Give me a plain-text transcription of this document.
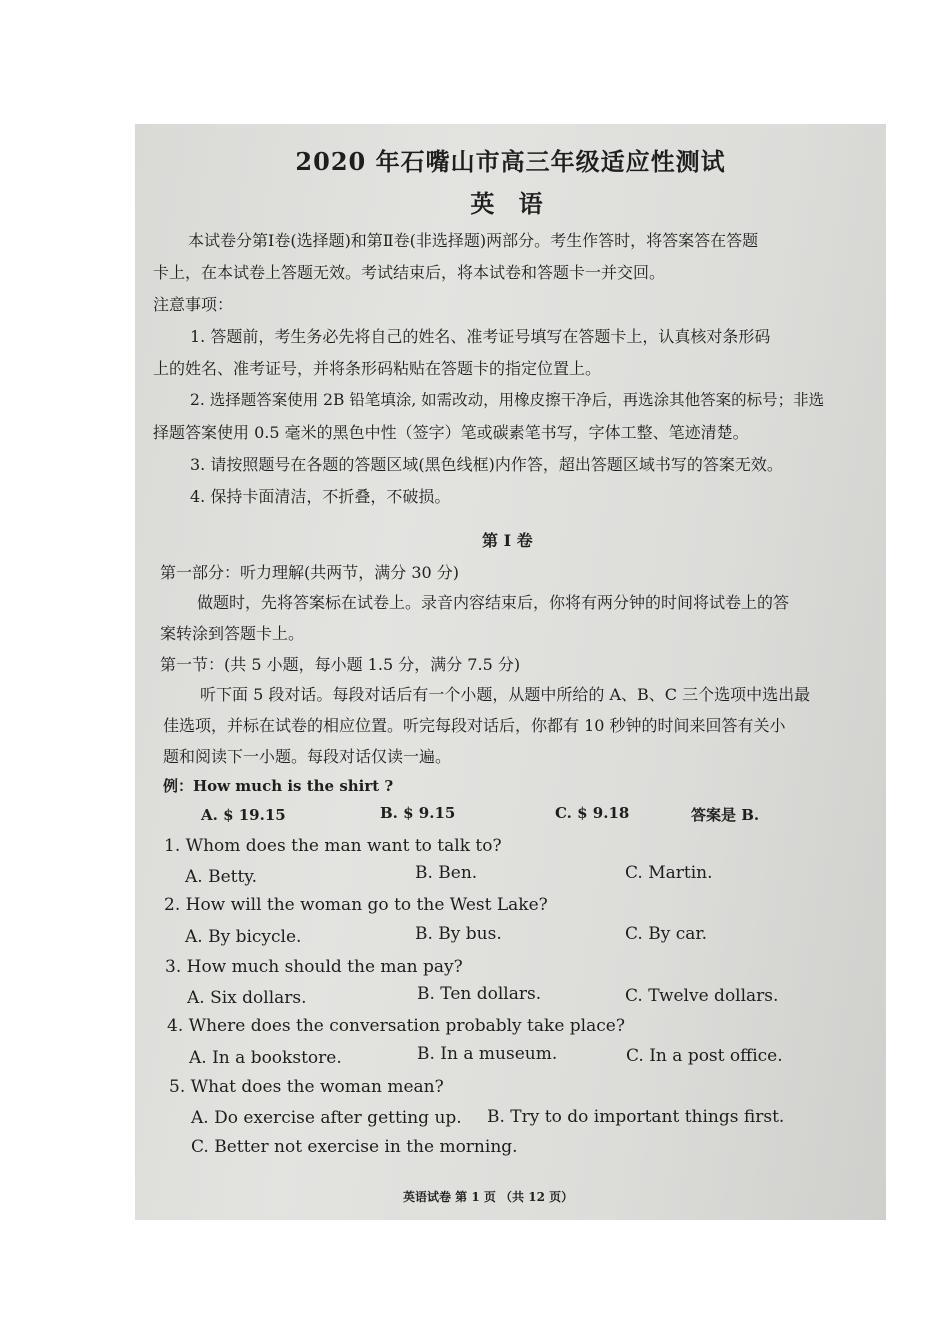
2020 年石嘴山市高三年级适应性测试
英 语
本试卷分第Ⅰ卷(选择题)和第Ⅱ卷(非选择题)两部分。考生作答时，将答案答在答题
卡上，在本试卷上答题无效。考试结束后，将本试卷和答题卡一并交回。
注意事项：
1. 答题前，考生务必先将自己的姓名、准考证号填写在答题卡上，认真核对条形码
上的姓名、准考证号，并将条形码粘贴在答题卡的指定位置上。
2. 选择题答案使用 2B 铅笔填涂, 如需改动，用橡皮擦干净后，再选涂其他答案的标号；非选
择题答案使用 0.5 毫米的黑色中性（签字）笔或碳素笔书写，字体工整、笔迹清楚。
3. 请按照题号在各题的答题区域(黑色线框)内作答，超出答题区域书写的答案无效。
4. 保持卡面清洁，不折叠，不破损。
第 I 卷
第一部分：听力理解(共两节，满分 30 分)
做题时，先将答案标在试卷上。录音内容结束后，你将有两分钟的时间将试卷上的答
案转涂到答题卡上。
第一节：(共 5 小题，每小题 1.5 分，满分 7.5 分)
听下面 5 段对话。每段对话后有一个小题，从题中所给的 A、B、C 三个选项中选出最
佳选项，并标在试卷的相应位置。听完每段对话后，你都有 10 秒钟的时间来回答有关小
题和阅读下一小题。每段对话仅读一遍。
例：How much is the shirt ?
A. $ 19.15	B. $ 9.15	C. $ 9.18	答案是 B.
1. Whom does the man want to talk to?
A. Betty.	B. Ben.	C. Martin.
2. How will the woman go to the West Lake?
A. By bicycle.	B. By bus.	C. By car.
3. How much should the man pay?
A. Six dollars.	B. Ten dollars.	C. Twelve dollars.
4. Where does the conversation probably take place?
A. In a bookstore.	B. In a museum.	C. In a post office.
5. What does the woman mean?
A. Do exercise after getting up. B. Try to do important things first.
C. Better not exercise in the morning.
英语试卷 第 1 页 （共 12 页）
